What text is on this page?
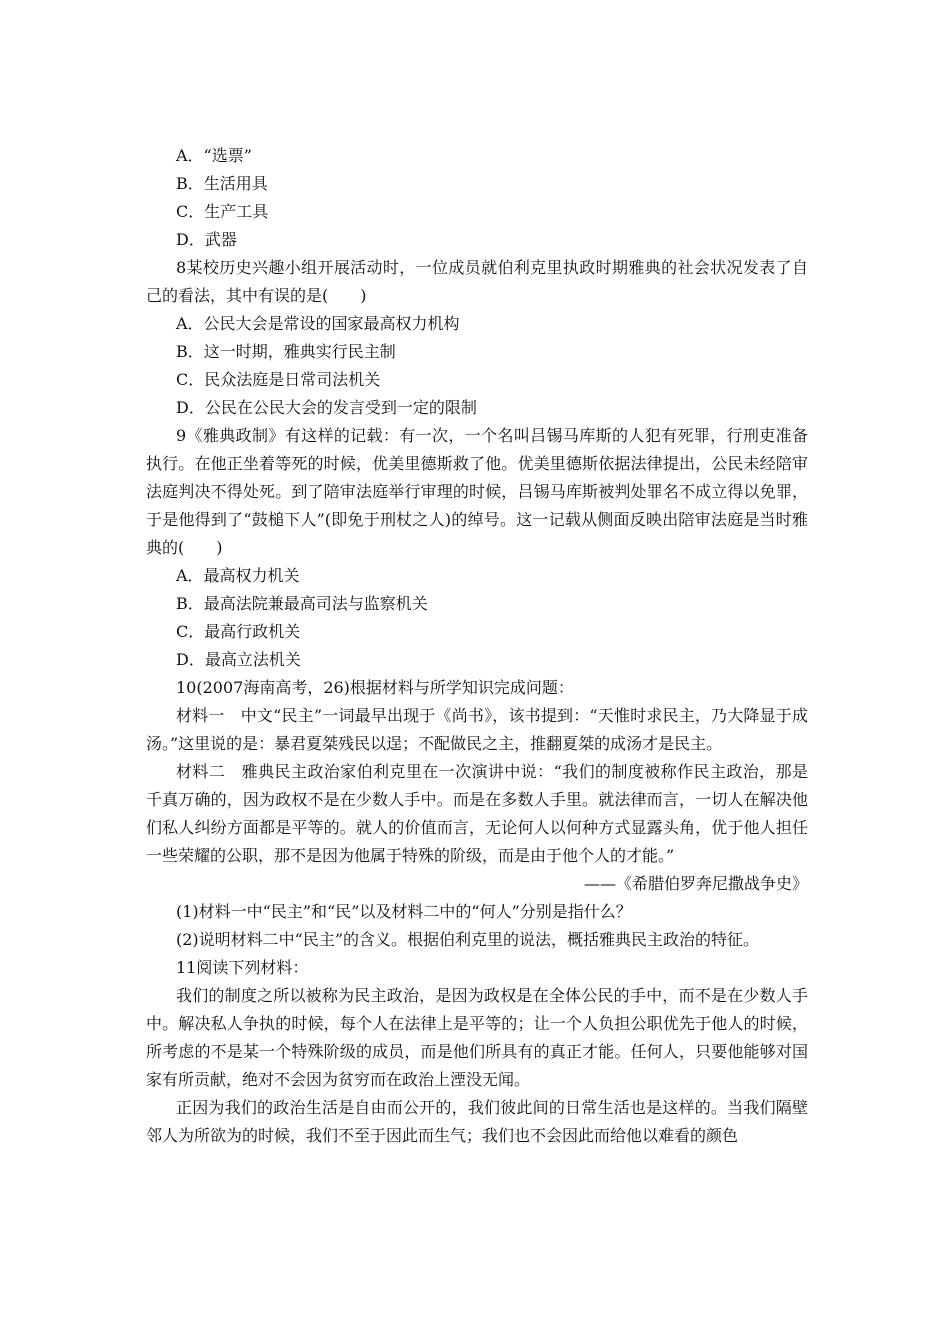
A．“选票”

B．生活用具

C．生产工具

D．武器

8某校历史兴趣小组开展活动时，一位成员就伯利克里执政时期雅典的社会状况发表了自己的看法，其中有误的是(　　)

A．公民大会是常设的国家最高权力机构

B．这一时期，雅典实行民主制

C．民众法庭是日常司法机关

D．公民在公民大会的发言受到一定的限制

9《雅典政制》有这样的记载：有一次，一个名叫吕锡马库斯的人犯有死罪，行刑吏准备执行。在他正坐着等死的时候，优美里德斯救了他。优美里德斯依据法律提出，公民未经陪审法庭判决不得处死。到了陪审法庭举行审理的时候，吕锡马库斯被判处罪名不成立得以免罪，于是他得到了“鼓槌下人”(即免于刑杖之人)的绰号。这一记载从侧面反映出陪审法庭是当时雅典的(　　)

A．最高权力机关

B．最高法院兼最高司法与监察机关

C．最高行政机关

D．最高立法机关

10(2007海南高考，26)根据材料与所学知识完成问题：

材料一　中文“民主”一词最早出现于《尚书》，该书提到：“天惟时求民主，乃大降显于成汤。”这里说的是：暴君夏桀残民以逞；不配做民之主，推翻夏桀的成汤才是民主。

材料二　雅典民主政治家伯利克里在一次演讲中说：“我们的制度被称作民主政治，那是千真万确的，因为政权不是在少数人手中。而是在多数人手里。就法律而言，一切人在解决他们私人纠纷方面都是平等的。就人的价值而言，无论何人以何种方式显露头角，优于他人担任一些荣耀的公职，那不是因为他属于特殊的阶级，而是由于他个人的才能。”

——《希腊伯罗奔尼撒战争史》

(1)材料一中“民主”和“民”以及材料二中的“何人”分别是指什么？

(2)说明材料二中“民主”的含义。根据伯利克里的说法，概括雅典民主政治的特征。

11阅读下列材料：

我们的制度之所以被称为民主政治，是因为政权是在全体公民的手中，而不是在少数人手中。解决私人争执的时候，每个人在法律上是平等的；让一个人负担公职优先于他人的时候，所考虑的不是某一个特殊阶级的成员，而是他们所具有的真正才能。任何人，只要他能够对国家有所贡献，绝对不会因为贫穷而在政治上湮没无闻。

正因为我们的政治生活是自由而公开的，我们彼此间的日常生活也是这样的。当我们隔壁邻人为所欲为的时候，我们不至于因此而生气；我们也不会因此而给他以难看的颜色
